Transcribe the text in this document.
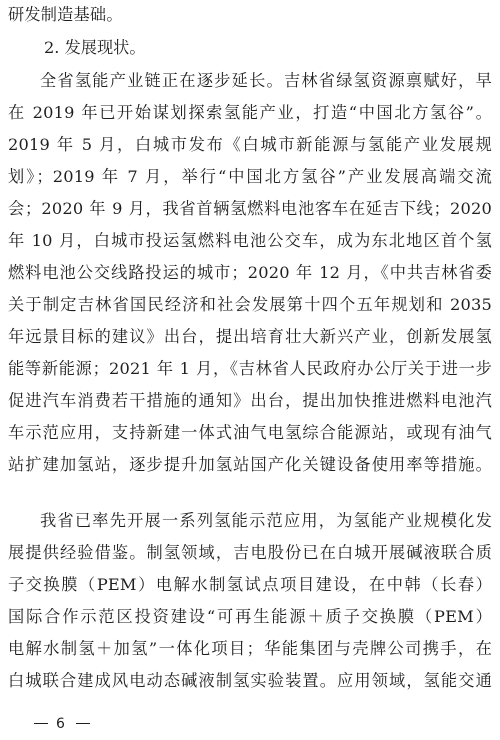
研发制造基础。
2. 发展现状。
全省氢能产业链正在逐步延长。吉林省绿氢资源禀赋好，早
在 2019 年已开始谋划探索氢能产业，打造“中国北方氢谷”。
2019 年 5 月，白城市发布《白城市新能源与氢能产业发展规
划》；2019 年 7 月，举行“中国北方氢谷”产业发展高端交流
会；2020 年 9 月，我省首辆氢燃料电池客车在延吉下线；2020
年 10 月，白城市投运氢燃料电池公交车，成为东北地区首个氢
燃料电池公交线路投运的城市；2020 年 12 月，《中共吉林省委
关于制定吉林省国民经济和社会发展第十四个五年规划和 2035
年远景目标的建议》出台，提出培育壮大新兴产业，创新发展氢
能等新能源；2021 年 1 月，《吉林省人民政府办公厅关于进一步
促进汽车消费若干措施的通知》出台，提出加快推进燃料电池汽
车示范应用，支持新建一体式油气电氢综合能源站，或现有油气
站扩建加氢站，逐步提升加氢站国产化关键设备使用率等措施。
我省已率先开展一系列氢能示范应用，为氢能产业规模化发
展提供经验借鉴。制氢领域，吉电股份已在白城开展碱液联合质
子交换膜（PEM）电解水制氢试点项目建设，在中韩（长春）
国际合作示范区投资建设“可再生能源＋质子交换膜（PEM）
电解水制氢＋加氢”一体化项目；华能集团与壳牌公司携手，在
白城联合建成风电动态碱液制氢实验装置。应用领域，氢能交通
6
